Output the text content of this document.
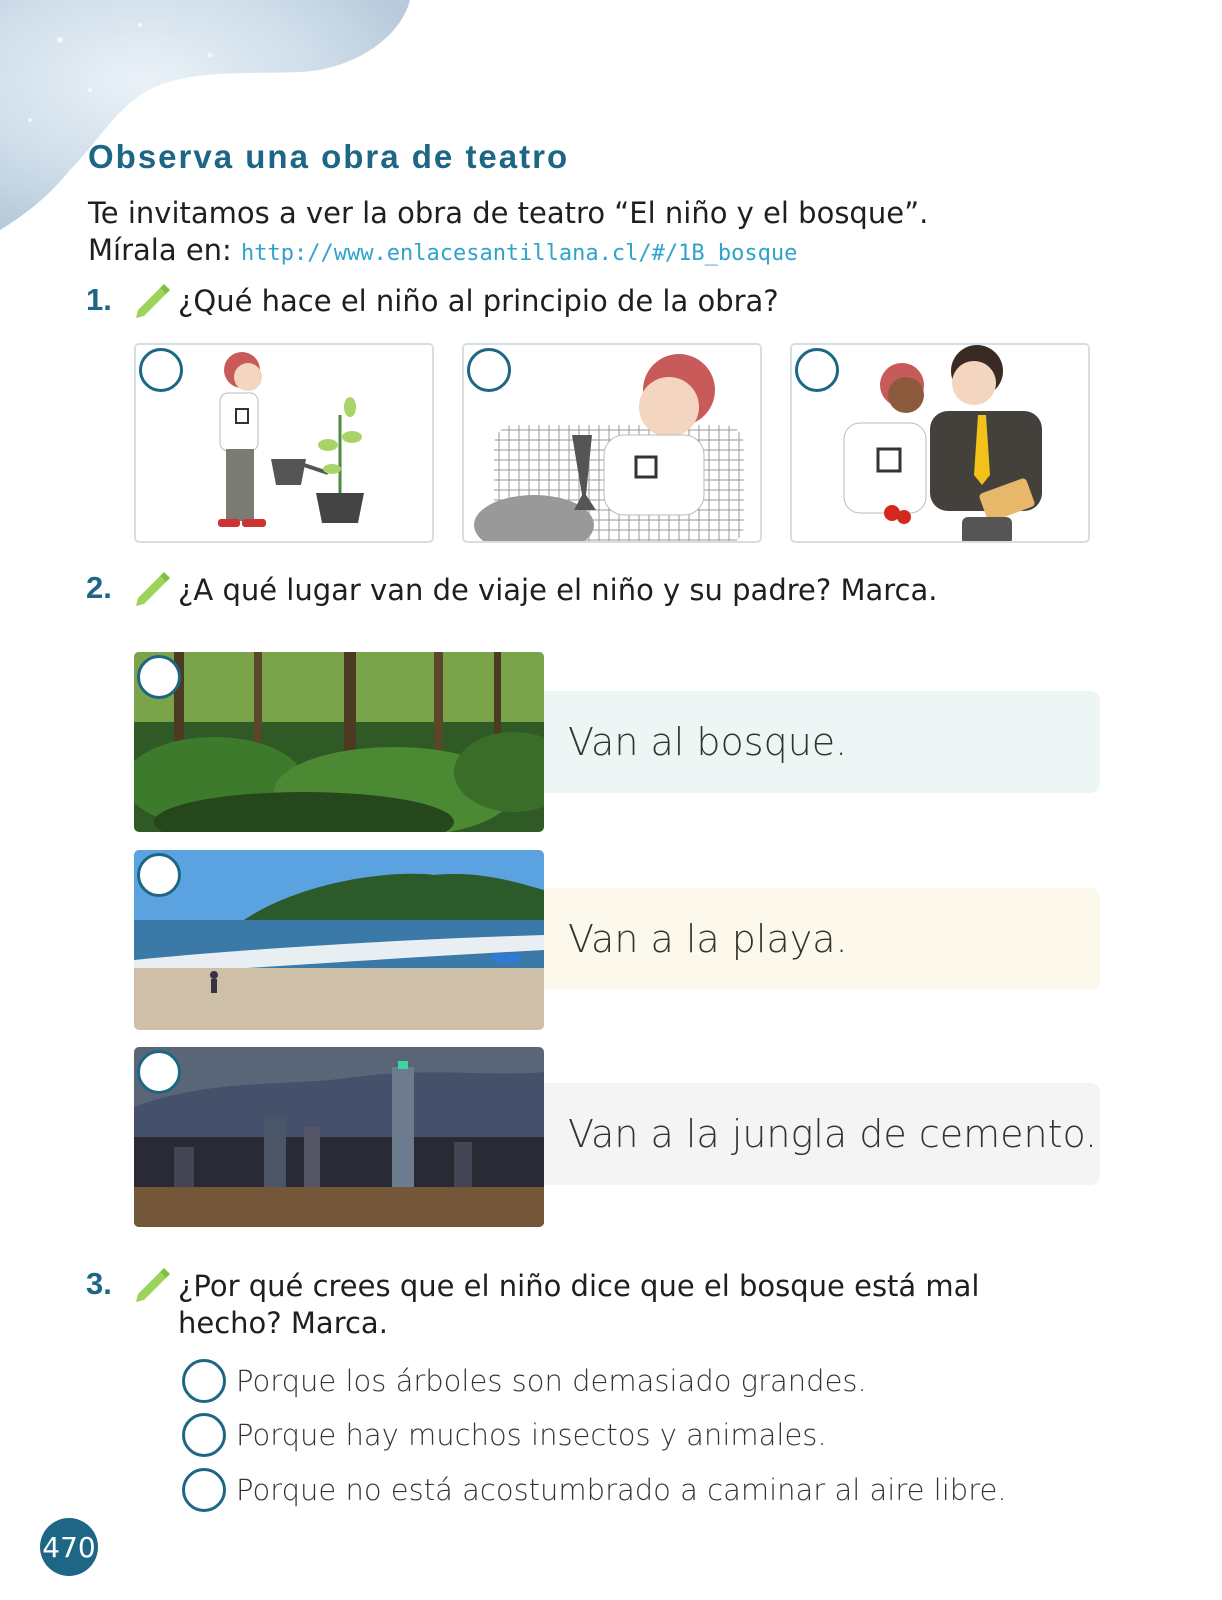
Observa una obra de teatro
Te invitamos a ver la obra de teatro “El niño y el bosque”.
Mírala en: http://www.enlacesantillana.cl/#/1B_bosque
1. ¿Qué hace el niño al principio de la obra?
2. ¿A qué lugar van de viaje el niño y su padre? Marca.
Van al bosque.
Van a la playa.
Van a la jungla de cemento.
3. ¿Por qué crees que el niño dice que el bosque está mal
hecho? Marca.
Porque los árboles son demasiado grandes.
Porque hay muchos insectos y animales.
Porque no está acostumbrado a caminar al aire libre.
470
